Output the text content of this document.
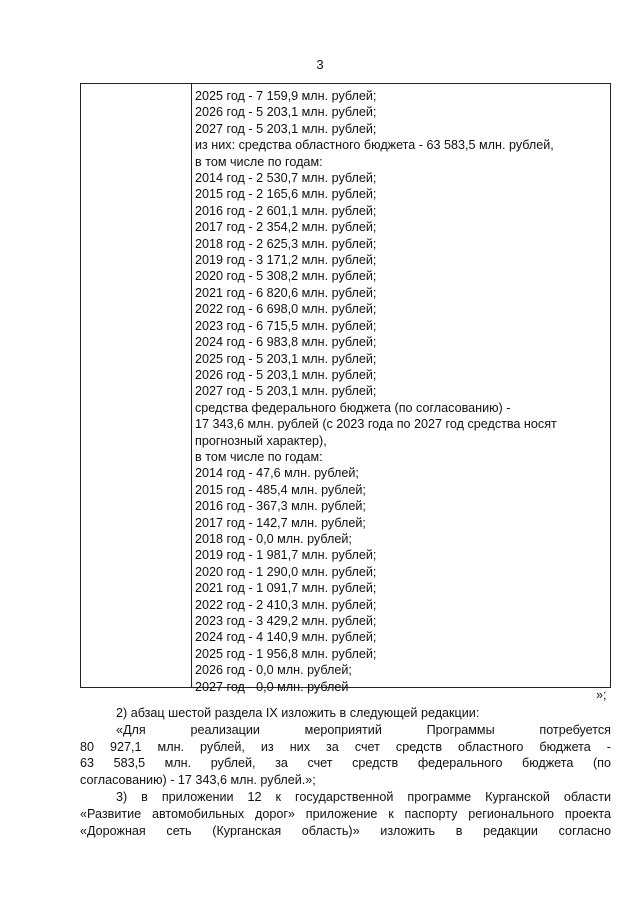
3
2025 год - 7 159,9 млн. рублей;
2026 год - 5 203,1 млн. рублей;
2027 год - 5 203,1 млн. рублей;
из них: средства областного бюджета - 63 583,5 млн. рублей,
в том числе по годам:
2014 год - 2 530,7 млн. рублей;
2015 год - 2 165,6 млн. рублей;
2016 год - 2 601,1 млн. рублей;
2017 год - 2 354,2 млн. рублей;
2018 год - 2 625,3 млн. рублей;
2019 год - 3 171,2 млн. рублей;
2020 год - 5 308,2 млн. рублей;
2021 год - 6 820,6 млн. рублей;
2022 год - 6 698,0 млн. рублей;
2023 год - 6 715,5 млн. рублей;
2024 год - 6 983,8 млн. рублей;
2025 год - 5 203,1 млн. рублей;
2026 год - 5 203,1 млн. рублей;
2027 год - 5 203,1 млн. рублей;
средства федерального бюджета (по согласованию) -
17 343,6 млн. рублей (с 2023 года по 2027 год средства носят
прогнозный характер),
в том числе по годам:
2014 год - 47,6 млн. рублей;
2015 год - 485,4 млн. рублей;
2016 год - 367,3 млн. рублей;
2017 год - 142,7 млн. рублей;
2018 год - 0,0 млн. рублей;
2019 год - 1 981,7 млн. рублей;
2020 год - 1 290,0 млн. рублей;
2021 год - 1 091,7 млн. рублей;
2022 год - 2 410,3 млн. рублей;
2023 год - 3 429,2 млн. рублей;
2024 год - 4 140,9 млн. рублей;
2025 год - 1 956,8 млн. рублей;
2026 год - 0,0 млн. рублей;
2027 год - 0,0 млн. рублей
»;
2) абзац шестой раздела IX изложить в следующей редакции:
«Для реализации мероприятий Программы потребуется
80 927,1 млн. рублей, из них за счет средств областного бюджета -
63 583,5 млн. рублей, за счет средств федерального бюджета (по
согласованию) - 17 343,6 млн. рублей.»;
3) в приложении 12 к государственной программе Курганской области
«Развитие автомобильных дорог» приложение к паспорту регионального проекта
«Дорожная сеть (Курганская область)» изложить в редакции согласно
